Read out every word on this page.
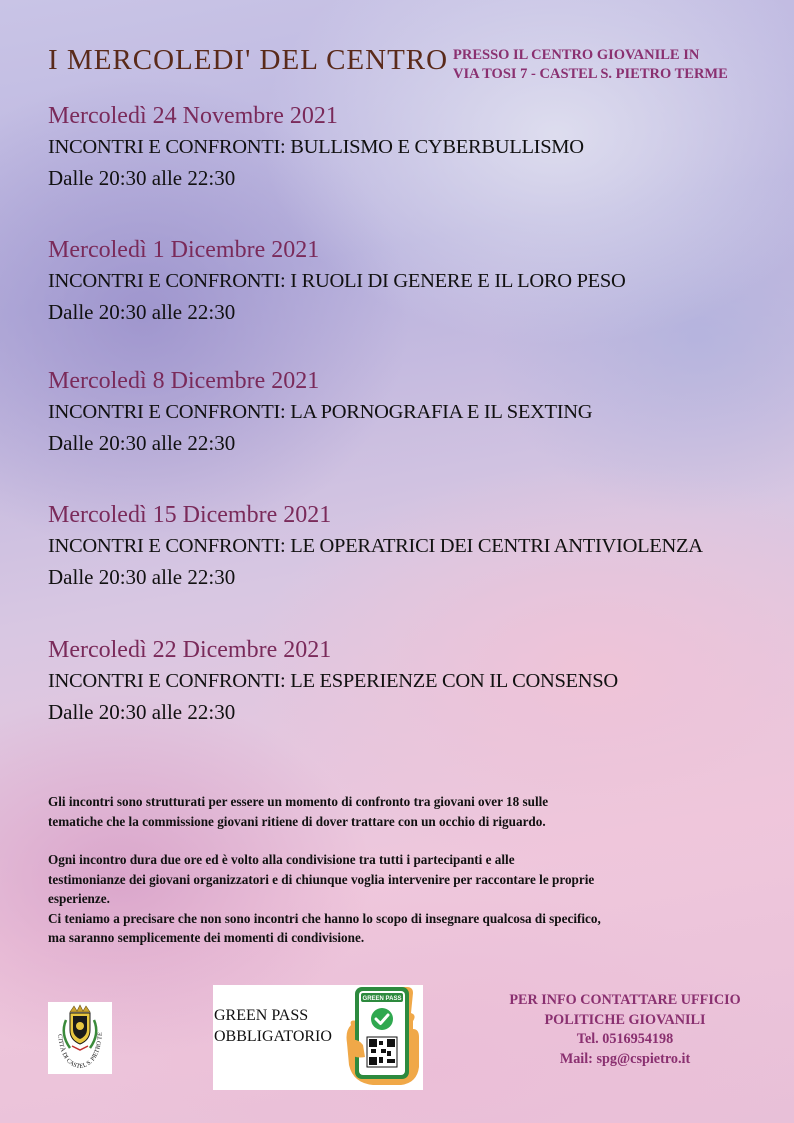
I MERCOLEDI' DEL CENTRO PRESSO IL CENTRO GIOVANILE IN
VIA TOSI 7 - CASTEL S. PIETRO TERME
Mercoledì 24 Novembre 2021
INCONTRI E CONFRONTI: BULLISMO E CYBERBULLISMO
Dalle 20:30 alle 22:30
Mercoledì 1 Dicembre 2021
INCONTRI E CONFRONTI: I RUOLI DI GENERE E IL LORO PESO
Dalle 20:30 alle 22:30
Mercoledì 8 Dicembre 2021
INCONTRI E CONFRONTI: LA PORNOGRAFIA E IL SEXTING
Dalle 20:30 alle 22:30
Mercoledì 15 Dicembre 2021
INCONTRI E CONFRONTI: LE OPERATRICI DEI CENTRI ANTIVIOLENZA
Dalle 20:30 alle 22:30
Mercoledì 22 Dicembre 2021
INCONTRI E CONFRONTI: LE ESPERIENZE CON IL CONSENSO
Dalle 20:30 alle 22:30

Gli incontri sono strutturati per essere un momento di confronto tra giovani over 18 sulle
tematiche che la commissione giovani ritiene di dover trattare con un occhio di riguardo.

Ogni incontro dura due ore ed è volto alla condivisione tra tutti i partecipanti e alle
testimonianze dei giovani organizzatori e di chiunque voglia intervenire per raccontare le proprie
esperienze.

Ci teniamo a precisare che non sono incontri che hanno lo scopo di insegnare qualcosa di specifico,
ma saranno semplicemente dei momenti di condivisione.

CITTÀ DI CASTEL S. PIETRO TE
GREEN PASS
OBBLIGATORIO
GREEN PASS	PER INFO CONTATTARE UFFICIO
POLITICHE GIOVANILI
Tel. 0516954198
Mail: spg@cspietro.it
